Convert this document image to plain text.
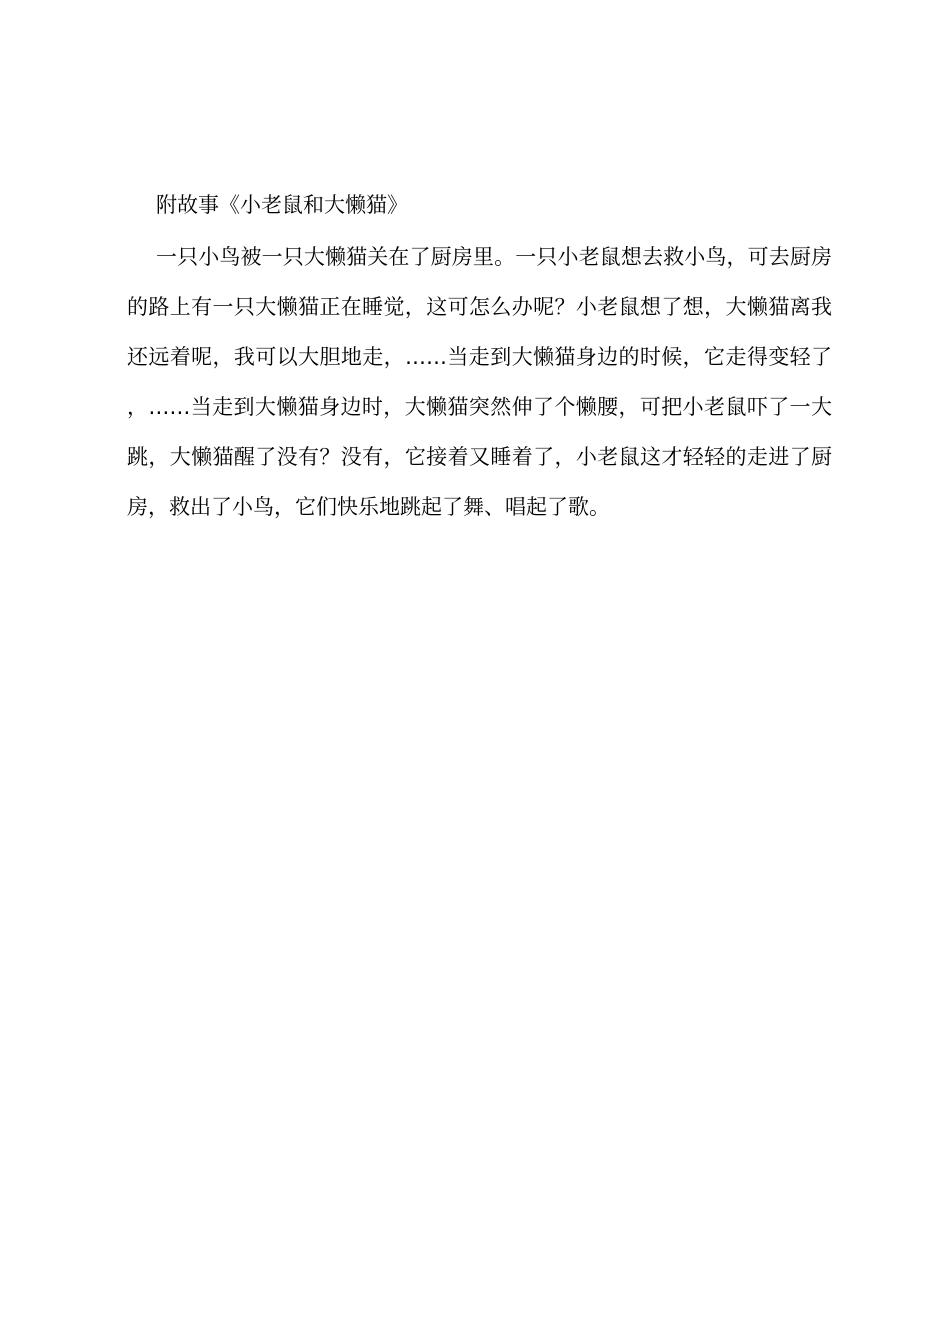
附故事《小老鼠和大懒猫》

一只小鸟被一只大懒猫关在了厨房里。一只小老鼠想去救小鸟，可去厨房的路上有一只大懒猫正在睡觉，这可怎么办呢？小老鼠想了想，大懒猫离我还远着呢，我可以大胆地走，……当走到大懒猫身边的时候，它走得变轻了，……当走到大懒猫身边时，大懒猫突然伸了个懒腰，可把小老鼠吓了一大跳，大懒猫醒了没有？没有，它接着又睡着了，小老鼠这才轻轻的走进了厨房，救出了小鸟，它们快乐地跳起了舞、唱起了歌。
